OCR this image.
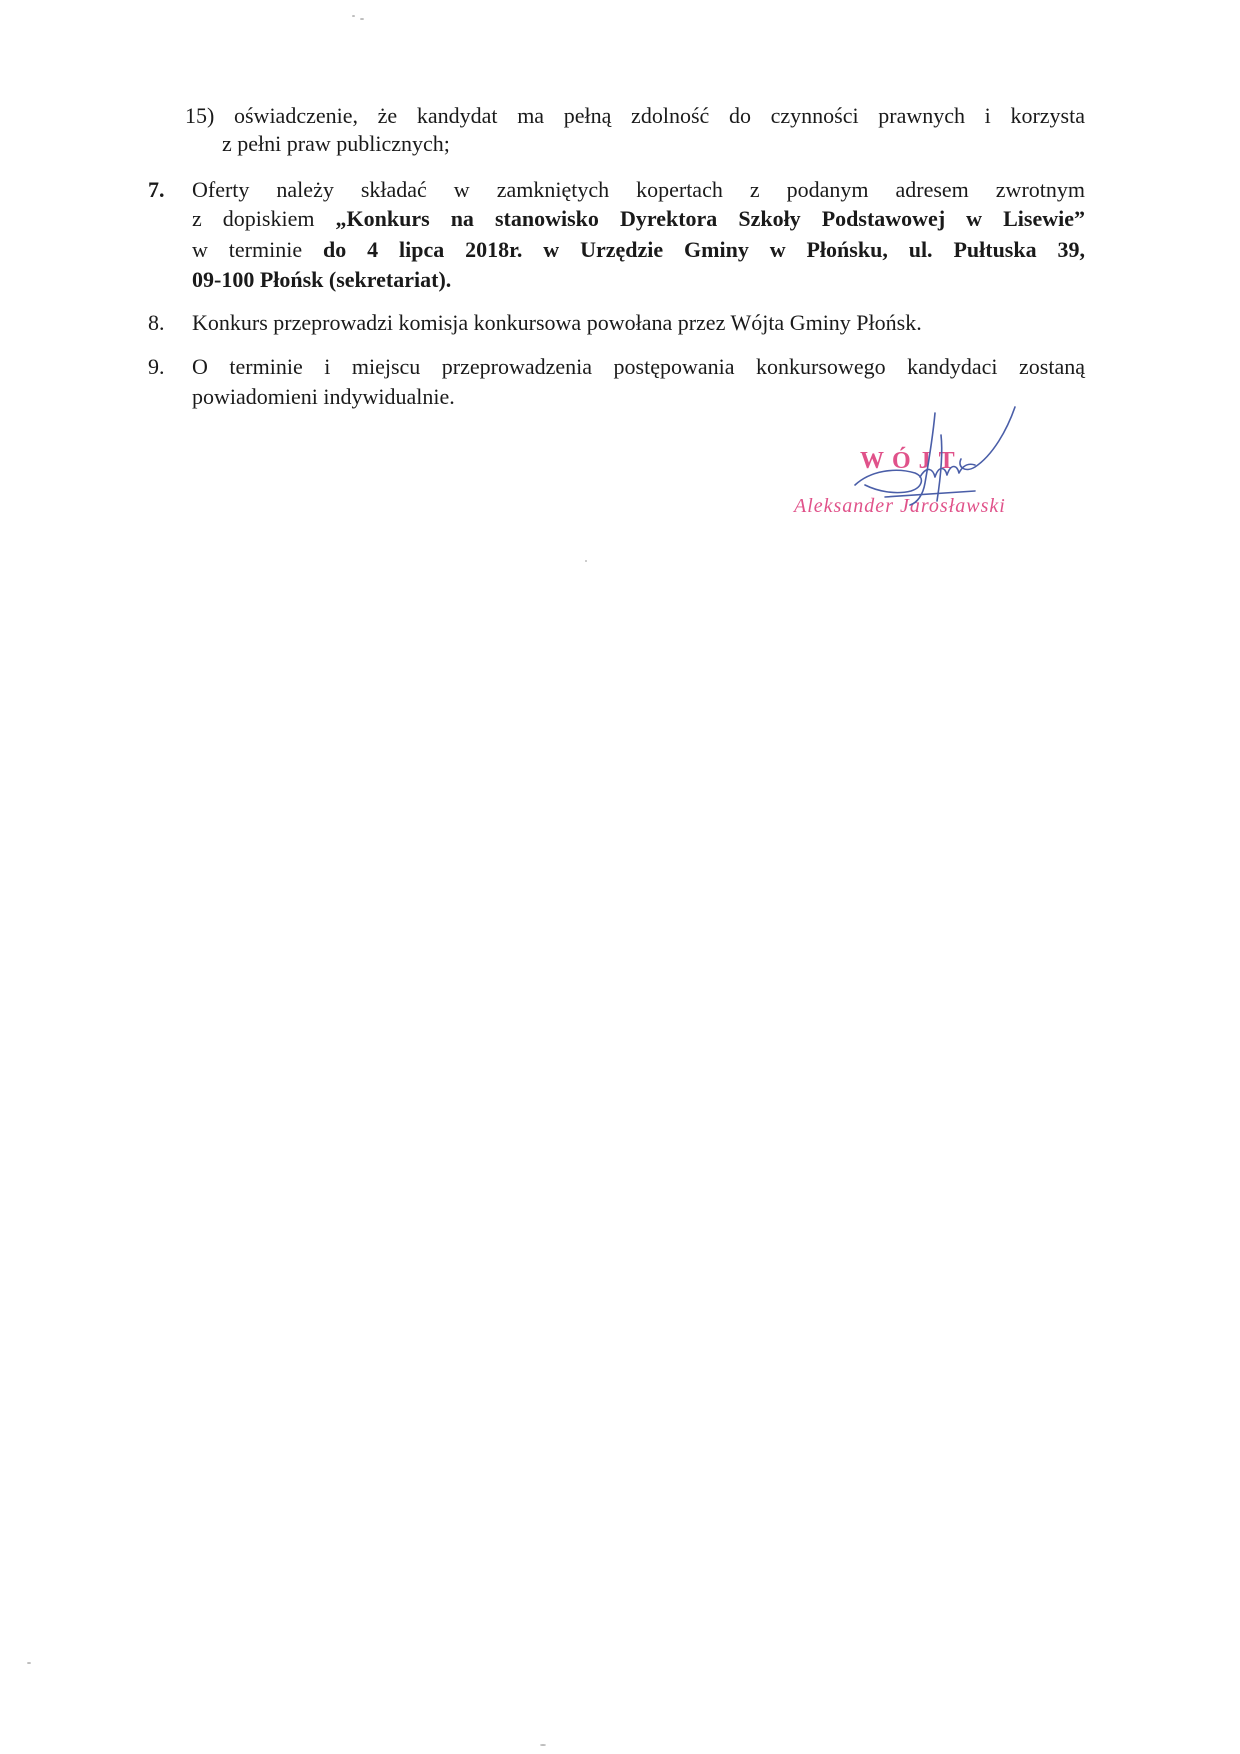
15) oświadczenie, że kandydat ma pełną zdolność do czynności prawnych i korzysta
z pełni praw publicznych;
7. Oferty należy składać w zamkniętych kopertach z podanym adresem zwrotnym
z dopiskiem „Konkurs na stanowisko Dyrektora Szkoły Podstawowej w Lisewie”
w terminie do 4 lipca 2018r. w Urzędzie Gminy w Płońsku, ul. Pułtuska 39,
09-100 Płońsk (sekretariat).
8. Konkurs przeprowadzi komisja konkursowa powołana przez Wójta Gminy Płońsk.
9. O terminie i miejscu przeprowadzenia postępowania konkursowego kandydaci zostaną
powiadomieni indywidualnie.
WÓJT
Aleksander Jarosławski
